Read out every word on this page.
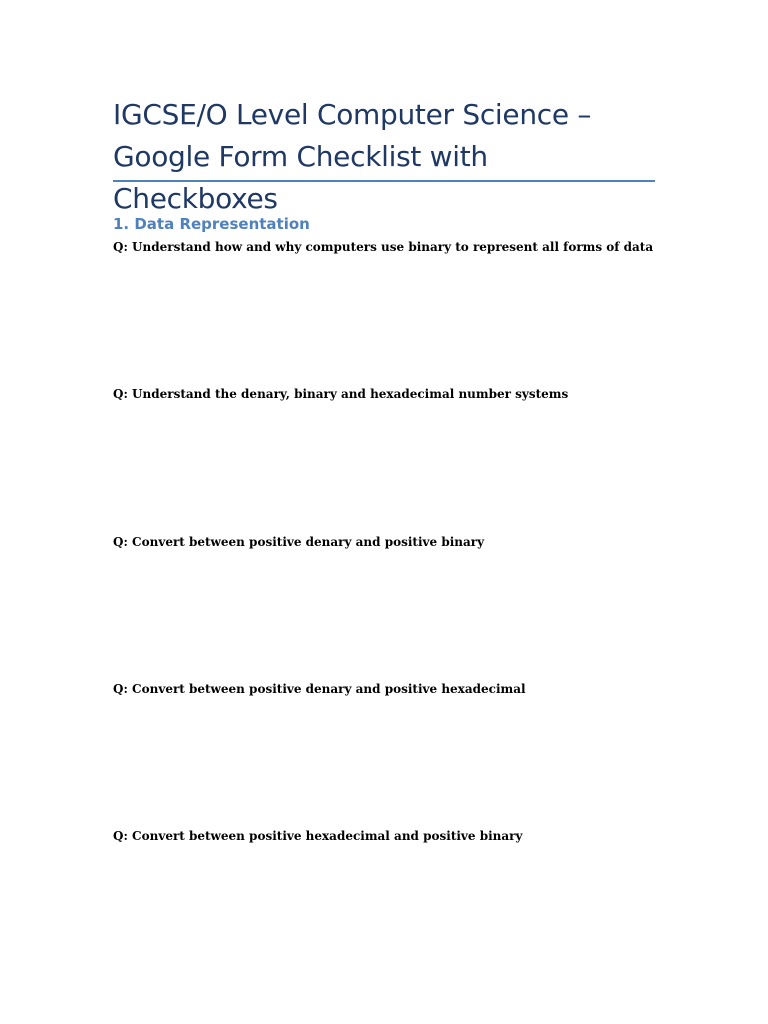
IGCSE/O Level Computer Science – Google Form Checklist with Checkboxes
1. Data Representation

Q: Understand how and why computers use binary to represent all forms of data

Q: Understand the denary, binary and hexadecimal number systems

Q: Convert between positive denary and positive binary

Q: Convert between positive denary and positive hexadecimal

Q: Convert between positive hexadecimal and positive binary
